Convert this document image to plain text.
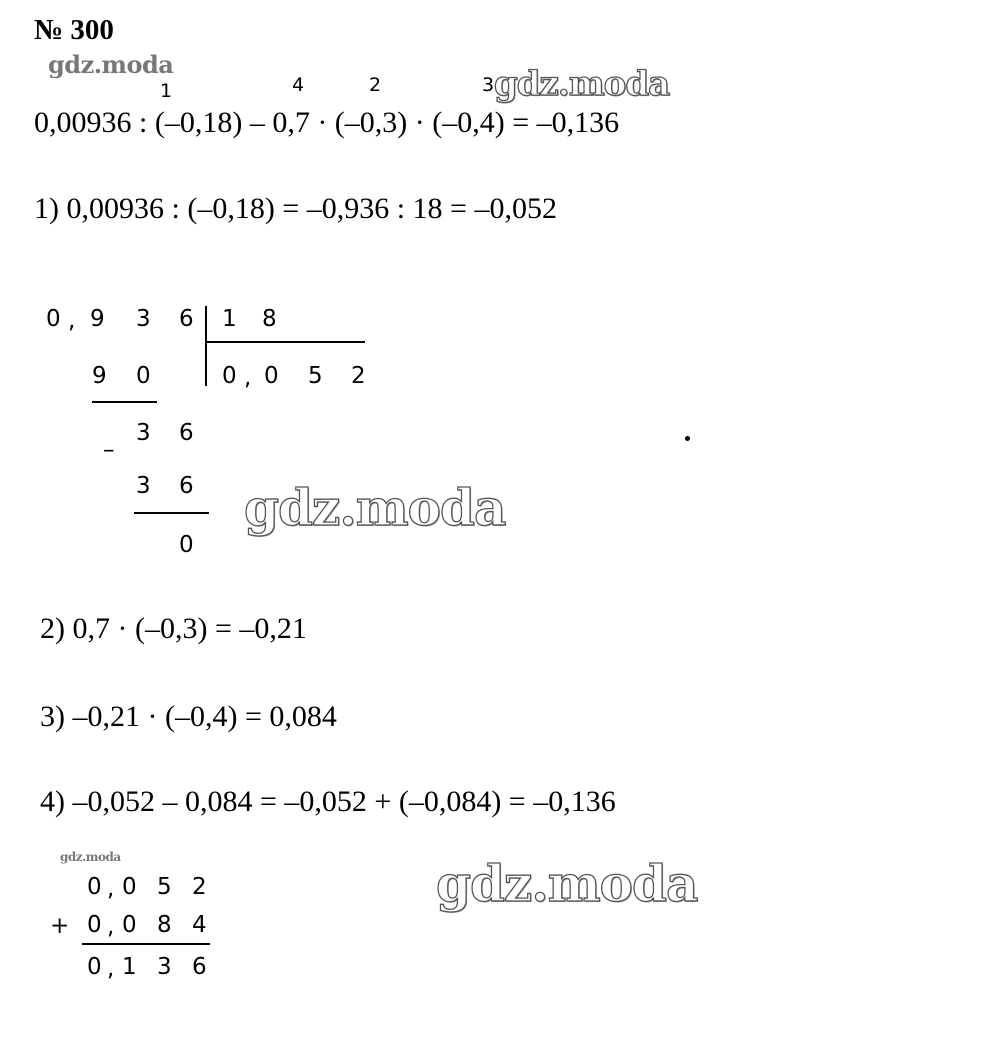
№ 300
gdz.moda
1	4	2	3 gdz.moda
0,00936 : (–0,18) – 0,7 · (–0,3) · (–0,4) = –0,136
1) 0,00936 : (–0,18) = –0,936 : 18 = –0,052
0 , 9 3 6 1 8
0 , 0 5 2
9 0
3 6
–
3 6
0
gdz.moda
2) 0,7 · (–0,3) = –0,21
3) –0,21 · (–0,4) = 0,084
4) –0,052 – 0,084 = –0,052 + (–0,084) = –0,136
gdz.moda
0 , 0 5 2
+ 0 , 0 8 4
0 , 1 3 6
gdz.moda
